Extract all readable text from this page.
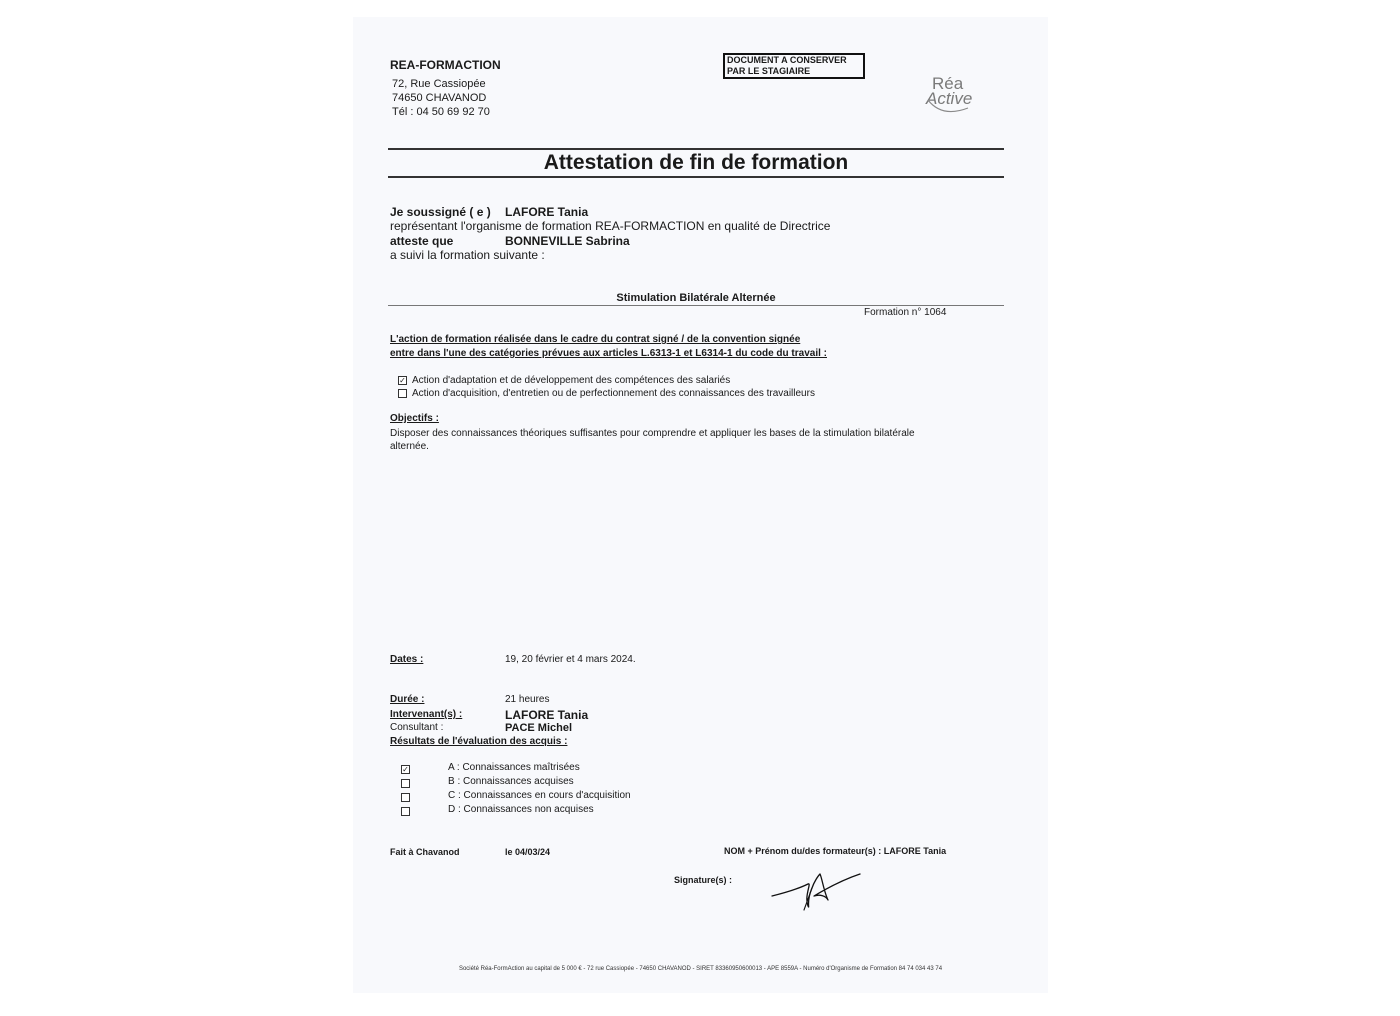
REA-FORMACTION
72, Rue Cassiopée
74650 CHAVANOD
Tél : 04 50 69 92 70
DOCUMENT A CONSERVER
PAR LE STAGIAIRE
Réa
Active
Attestation de fin de formation
Je soussigné ( e ) LAFORE Tania
représentant l'organisme de formation REA-FORMACTION en qualité de Directrice
atteste que	BONNEVILLE Sabrina
a suivi la formation suivante :
Stimulation Bilatérale Alternée
Formation n° 1064
L'action de formation réalisée dans le cadre du contrat signé / de la convention signée
entre dans l'une des catégories prévues aux articles L.6313-1 et L6314-1 du code du travail :
✓ Action d'adaptation et de développement des compétences des salariés
Action d'acquisition, d'entretien ou de perfectionnement des connaissances des travailleurs
Objectifs :
Disposer des connaissances théoriques suffisantes pour comprendre et appliquer les bases de la stimulation bilatérale
alternée.
Dates :	19, 20 février et 4 mars 2024.
Durée :	21 heures
Intervenant(s) :	LAFORE Tania
Consultant :	PACE Michel
Résultats de l'évaluation des acquis :
✓	A : Connaissances maîtrisées
B : Connaissances acquises
C : Connaissances en cours d'acquisition
D : Connaissances non acquises
Fait à Chavanod	le 04/03/24	NOM + Prénom du/des formateur(s) : LAFORE Tania
Signature(s) :
Société Réa-FormAction au capital de 5 000 € - 72 rue Cassiopée - 74650 CHAVANOD - SIRET 83360950600013 - APE 8559A - Numéro d'Organisme de Formation 84 74 034 43 74
